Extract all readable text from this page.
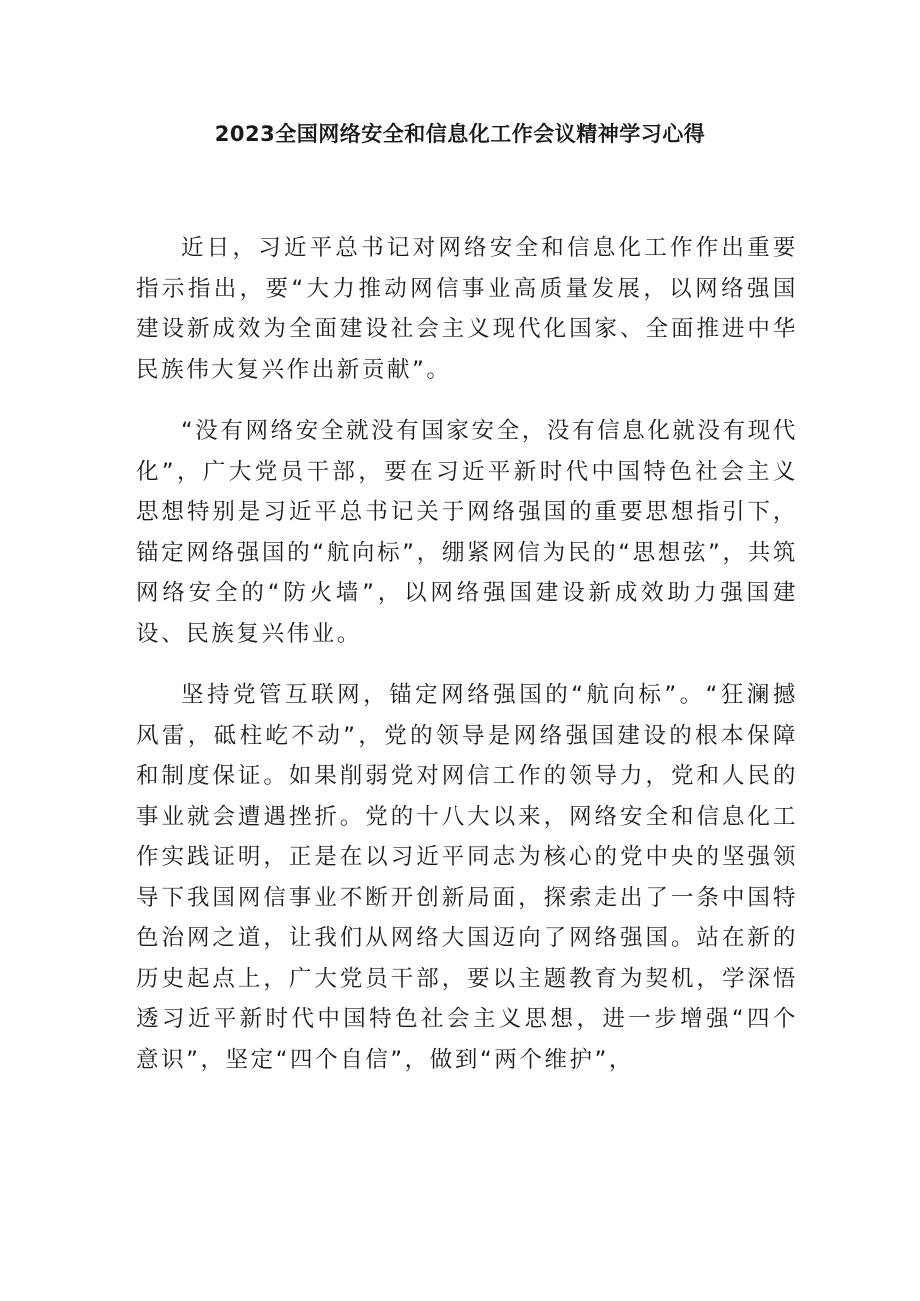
2023全国网络安全和信息化工作会议精神学习心得

近日，习近平总书记对网络安全和信息化工作作出重要指示指出，要“大力推动网信事业高质量发展，以网络强国建设新成效为全面建设社会主义现代化国家、全面推进中华民族伟大复兴作出新贡献”。

“没有网络安全就没有国家安全，没有信息化就没有现代化”，广大党员干部，要在习近平新时代中国特色社会主义思想特别是习近平总书记关于网络强国的重要思想指引下，锚定网络强国的“航向标”，绷紧网信为民的“思想弦”，共筑网络安全的“防火墙”，以网络强国建设新成效助力强国建设、民族复兴伟业。

坚持党管互联网，锚定网络强国的“航向标”。“狂澜撼风雷，砥柱屹不动”，党的领导是网络强国建设的根本保障和制度保证。如果削弱党对网信工作的领导力，党和人民的事业就会遭遇挫折。党的十八大以来，网络安全和信息化工作实践证明，正是在以习近平同志为核心的党中央的坚强领导下我国网信事业不断开创新局面，探索走出了一条中国特色治网之道，让我们从网络大国迈向了网络强国。站在新的历史起点上，广大党员干部，要以主题教育为契机，学深悟透习近平新时代中国特色社会主义思想，进一步增强“四个意识”，坚定“四个自信”，做到“两个维护”，
